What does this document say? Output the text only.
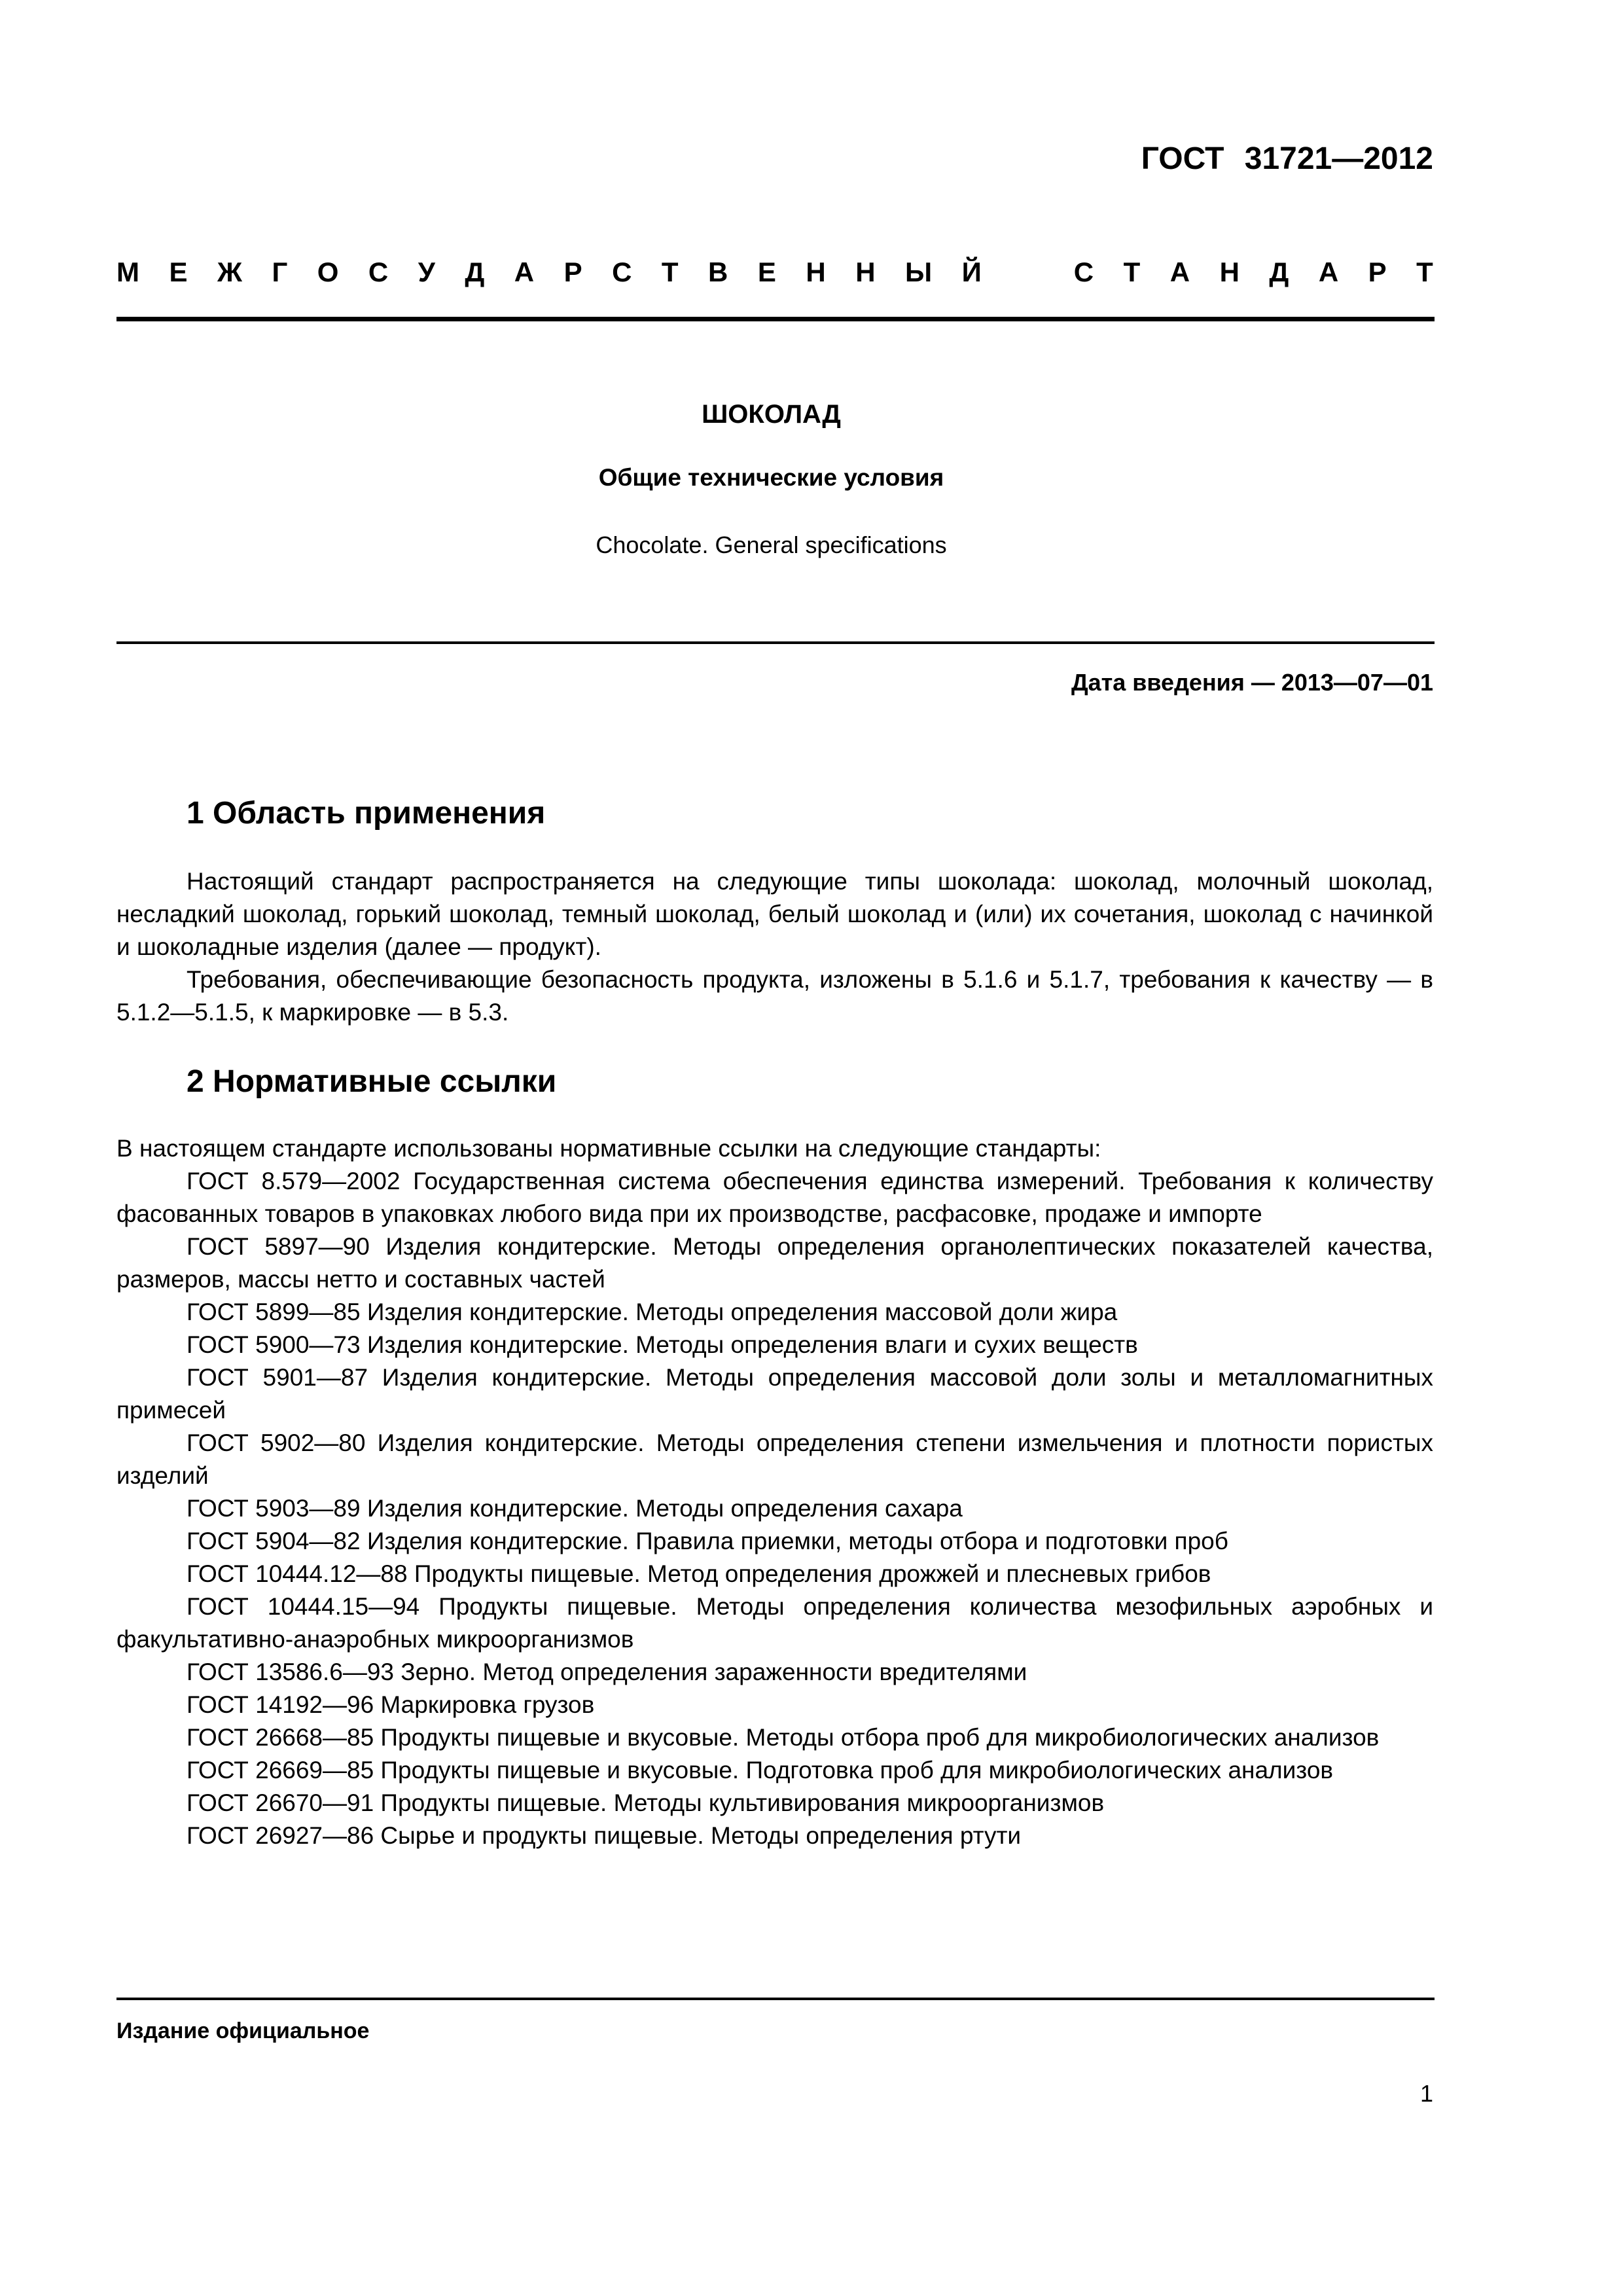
ГОСТ 31721—2012
М Е Ж Г О С У Д А Р С Т В Е Н Н Ы Й	С Т А Н Д А Р Т
ШОКОЛАД
Общие технические условия
Chocolate. General specifications
Дата введения — 2013—07—01
1 Область применения

Настоящий стандарт распространяется на следующие типы шоколада: шоколад, молочный шоколад, несладкий шоколад, горький шоколад, темный шоколад, белый шоколад и (или) их сочетания, шоколад с начинкой и шоколадные изделия (далее — продукт).

Требования, обеспечивающие безопасность продукта, изложены в 5.1.6 и 5.1.7, требования к качеству — в 5.1.2—5.1.5, к маркировке — в 5.3.

2 Нормативные ссылки

В настоящем стандарте использованы нормативные ссылки на следующие стандарты:

ГОСТ 8.579—2002 Государственная система обеспечения единства измерений. Требования к количеству фасованных товаров в упаковках любого вида при их производстве, расфасовке, продаже и импорте

ГОСТ 5897—90 Изделия кондитерские. Методы определения органолептических показателей качества, размеров, массы нетто и составных частей

ГОСТ 5899—85 Изделия кондитерские. Методы определения массовой доли жира

ГОСТ 5900—73 Изделия кондитерские. Методы определения влаги и сухих веществ

ГОСТ 5901—87 Изделия кондитерские. Методы определения массовой доли золы и металломагнитных примесей

ГОСТ 5902—80 Изделия кондитерские. Методы определения степени измельчения и плотности пористых изделий

ГОСТ 5903—89 Изделия кондитерские. Методы определения сахара

ГОСТ 5904—82 Изделия кондитерские. Правила приемки, методы отбора и подготовки проб

ГОСТ 10444.12—88 Продукты пищевые. Метод определения дрожжей и плесневых грибов

ГОСТ 10444.15—94 Продукты пищевые. Методы определения количества мезофильных аэробных и факультативно-анаэробных микроорганизмов

ГОСТ 13586.6—93 Зерно. Метод определения зараженности вредителями

ГОСТ 14192—96 Маркировка грузов

ГОСТ 26668—85 Продукты пищевые и вкусовые. Методы отбора проб для микробиологических анализов

ГОСТ 26669—85 Продукты пищевые и вкусовые. Подготовка проб для микробиологических анализов

ГОСТ 26670—91 Продукты пищевые. Методы культивирования микроорганизмов

ГОСТ 26927—86 Сырье и продукты пищевые. Методы определения ртути

Издание официальное
1
